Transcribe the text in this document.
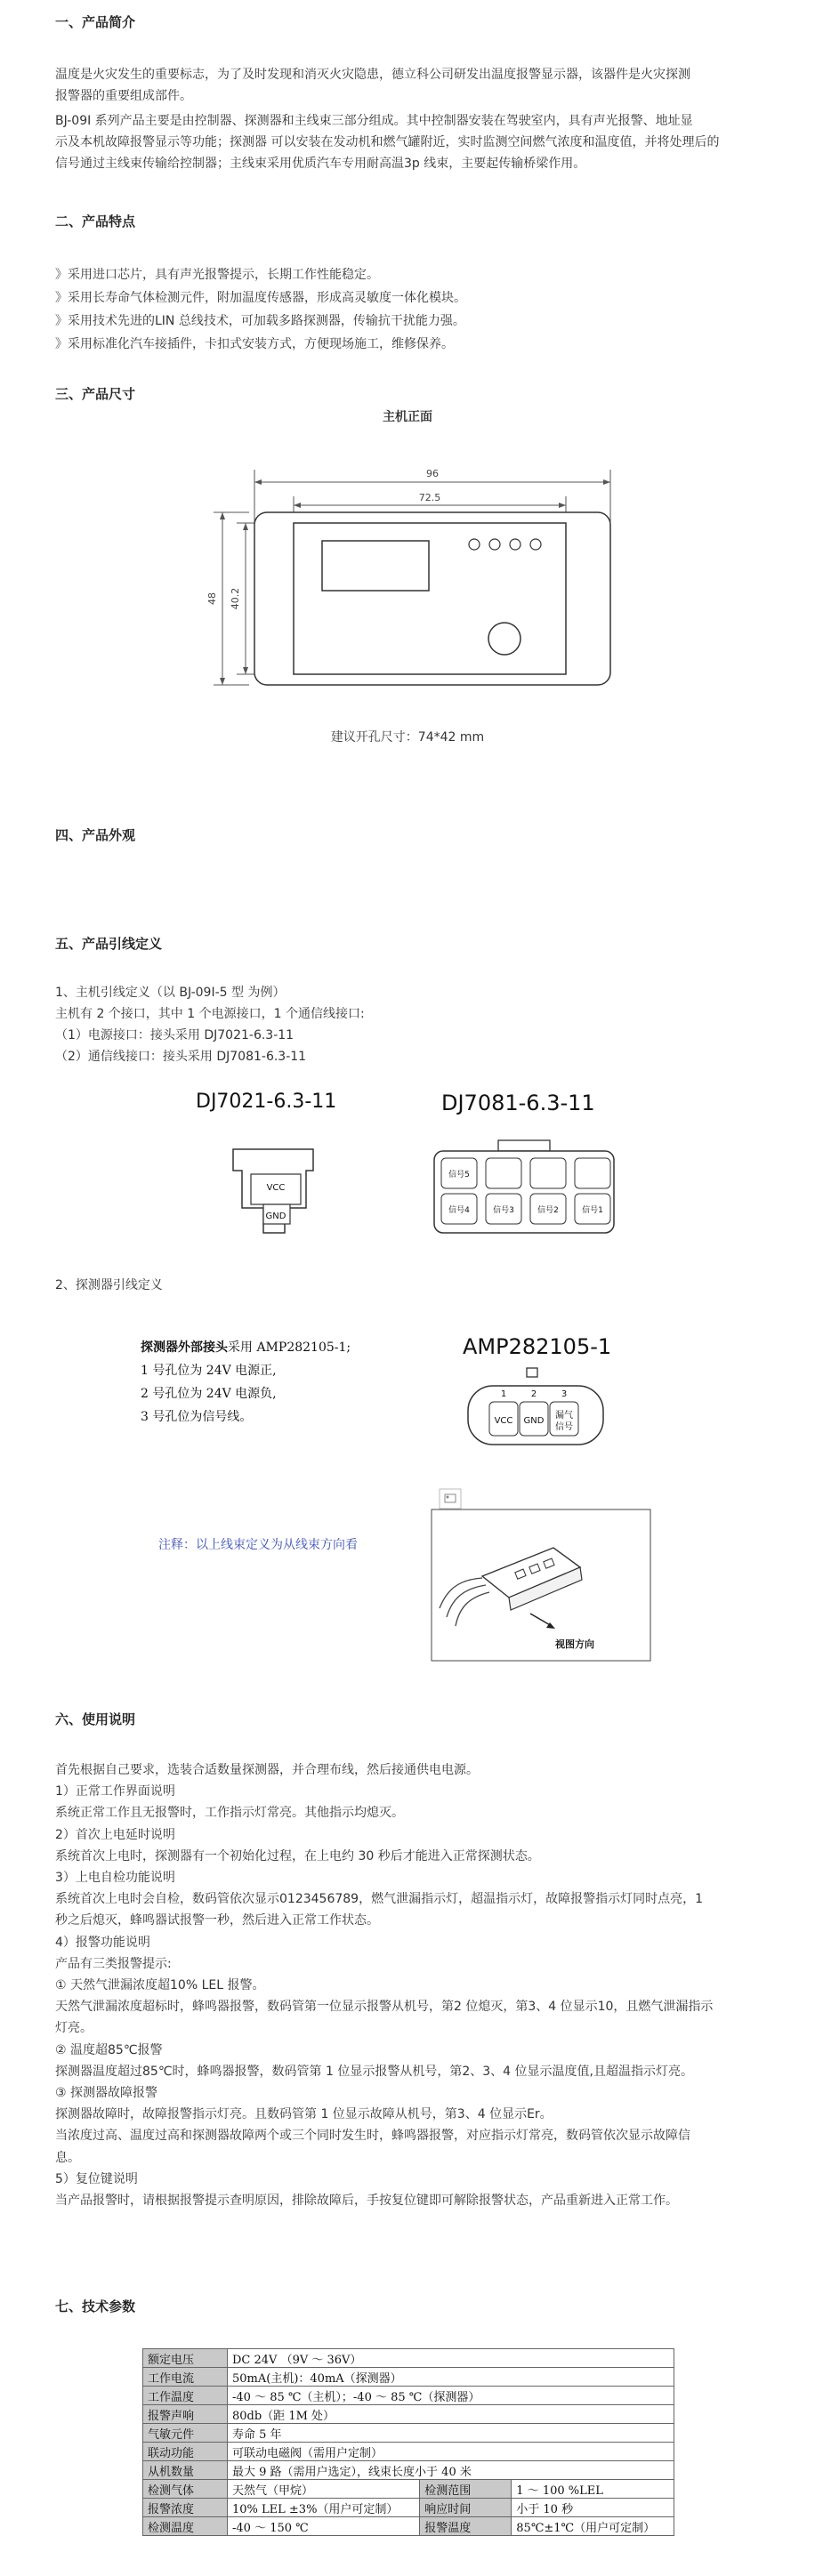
一、产品简介
温度是火灾发生的重要标志，为了及时发现和消灭火灾隐患，德立科公司研发出温度报警显示器，该器件是火灾探测
报警器的重要组成部件。
BJ-09I 系列产品主要是由控制器、探测器和主线束三部分组成。其中控制器安装在驾驶室内，具有声光报警、地址显
示及本机故障报警显示等功能；探测器 可以安装在发动机和燃气罐附近，实时监测空间燃气浓度和温度值，并将处理后的
信号通过主线束传输给控制器；主线束采用优质汽车专用耐高温3p 线束，主要起传输桥梁作用。
二、产品特点
》采用进口芯片，具有声光报警提示，长期工作性能稳定。
》采用长寿命气体检测元件，附加温度传感器，形成高灵敏度一体化模块。
》采用技术先进的LIN 总线技术，可加载多路探测器，传输抗干扰能力强。
》采用标准化汽车接插件，卡扣式安装方式，方便现场施工，维修保养。
三、产品尺寸
主机正面
96
72.5
48 40.2
建议开孔尺寸：74*42 mm
四、产品外观
五、产品引线定义
1、主机引线定义（以 BJ-09I-5 型 为例）
主机有 2 个接口，其中 1 个电源接口，1 个通信线接口:
（1）电源接口：接头采用 DJ7021-6.3-11
（2）通信线接口：接头采用 DJ7081-6.3-11
DJ7021-6.3-11	DJ7081-6.3-11
VCC
GND
信号5
信号4	信号3	信号2	信号1
2、探测器引线定义
探测器外部接头采用 AMP282105-1;
1 号孔位为 24V 电源正,
2 号孔位为 24V 电源负,
3 号孔位为信号线。
AMP282105-1
1	2	3
VCC GND
漏气
信号
注释：以上线束定义为从线束方向看
视图方向
六、使用说明
首先根据自己要求，选装合适数量探测器，并合理布线，然后接通供电电源。
1）正常工作界面说明
系统正常工作且无报警时，工作指示灯常亮。其他指示均熄灭。
2）首次上电延时说明
系统首次上电时，探测器有一个初始化过程，在上电约 30 秒后才能进入正常探测状态。
3）上电自检功能说明
系统首次上电时会自检，数码管依次显示0123456789，燃气泄漏指示灯，超温指示灯，故障报警指示灯同时点亮，1
秒之后熄灭，蜂鸣器试报警一秒，然后进入正常工作状态。
4）报警功能说明
产品有三类报警提示:
① 天然气泄漏浓度超10% LEL 报警。
天然气泄漏浓度超标时，蜂鸣器报警，数码管第一位显示报警从机号，第2 位熄灭，第3、4 位显示10，且燃气泄漏指示
灯亮。
② 温度超85℃报警
探测器温度超过85℃时，蜂鸣器报警，数码管第 1 位显示报警从机号，第2、3、4 位显示温度值,且超温指示灯亮。
③ 探测器故障报警
探测器故障时，故障报警指示灯亮。且数码管第 1 位显示故障从机号，第3、4 位显示Er。
当浓度过高、温度过高和探测器故障两个或三个同时发生时，蜂鸣器报警，对应指示灯常亮，数码管依次显示故障信
息。
5）复位键说明
当产品报警时，请根据报警提示查明原因，排除故障后，手按复位键即可解除报警状态，产品重新进入正常工作。
七、技术参数
额定电压	DC 24V （9V ～ 36V）		
工作电流	50mA(主机)：40mA（探测器）		
工作温度	-40 ～ 85 ℃（主机）；-40 ～ 85 ℃（探测器）		
报警声响	80db（距 1M 处）		
气敏元件	寿命 5 年		
联动功能	可联动电磁阀（需用户定制）		
从机数量	最大 9 路（需用户选定），线束长度小于 40 米		
检测气体	天然气（甲烷）	检测范围	1 ～ 100 %LEL
报警浓度	10% LEL ±3%（用户可定制）	响应时间	小于 10 秒
检测温度	-40 ～ 150 ℃	报警温度	85℃±1℃（用户可定制）
